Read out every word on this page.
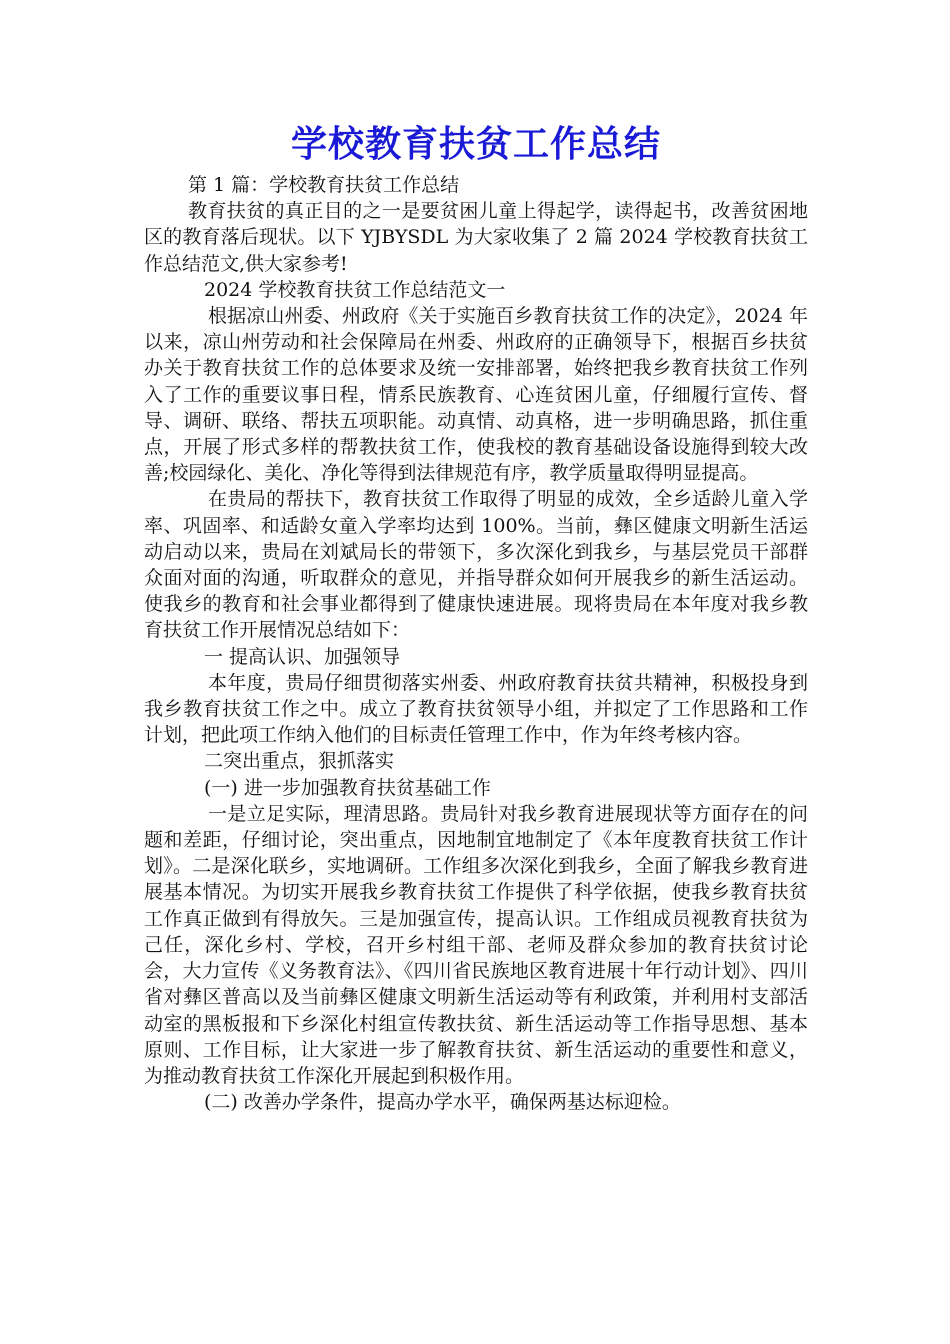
学校教育扶贫工作总结

第 1 篇：学校教育扶贫工作总结

教育扶贫的真正目的之一是要贫困儿童上得起学，读得起书，改善贫困地区的教育落后现状。以下 YJBYSDL 为大家收集了 2 篇 2024 学校教育扶贫工作总结范文,供大家参考!

2024 学校教育扶贫工作总结范文一

根据凉山州委、州政府《关于实施百乡教育扶贫工作的决定》，2024 年以来，凉山州劳动和社会保障局在州委、州政府的正确领导下，根据百乡扶贫办关于教育扶贫工作的总体要求及统一安排部署，始终把我乡教育扶贫工作列入了工作的重要议事日程，情系民族教育、心连贫困儿童，仔细履行宣传、督导、调研、联络、帮扶五项职能。动真情、动真格，进一步明确思路，抓住重点，开展了形式多样的帮教扶贫工作，使我校的教育基础设备设施得到较大改善;校园绿化、美化、净化等得到法律规范有序，教学质量取得明显提高。

在贵局的帮扶下，教育扶贫工作取得了明显的成效，全乡适龄儿童入学率、巩固率、和适龄女童入学率均达到 100%。当前，彝区健康文明新生活运动启动以来，贵局在刘斌局长的带领下，多次深化到我乡，与基层党员干部群众面对面的沟通，听取群众的意见，并指导群众如何开展我乡的新生活运动。使我乡的教育和社会事业都得到了健康快速进展。现将贵局在本年度对我乡教育扶贫工作开展情况总结如下：

一 提高认识、加强领导

本年度，贵局仔细贯彻落实州委、州政府教育扶贫共精神，积极投身到我乡教育扶贫工作之中。成立了教育扶贫领导小组，并拟定了工作思路和工作计划，把此项工作纳入他们的目标责任管理工作中，作为年终考核内容。

二突出重点，狠抓落实

(一) 进一步加强教育扶贫基础工作

一是立足实际，理清思路。贵局针对我乡教育进展现状等方面存在的问题和差距，仔细讨论，突出重点，因地制宜地制定了《本年度教育扶贫工作计划》。二是深化联乡，实地调研。工作组多次深化到我乡，全面了解我乡教育进展基本情况。为切实开展我乡教育扶贫工作提供了科学依据，使我乡教育扶贫工作真正做到有得放矢。三是加强宣传，提高认识。工作组成员视教育扶贫为己任，深化乡村、学校，召开乡村组干部、老师及群众参加的教育扶贫讨论会，大力宣传《义务教育法》、《四川省民族地区教育进展十年行动计划》、四川省对彝区普高以及当前彝区健康文明新生活运动等有利政策，并利用村支部活动室的黑板报和下乡深化村组宣传教扶贫、新生活运动等工作指导思想、基本原则、工作目标，让大家进一步了解教育扶贫、新生活运动的重要性和意义，为推动教育扶贫工作深化开展起到积极作用。

(二) 改善办学条件，提高办学水平，确保两基达标迎检。
